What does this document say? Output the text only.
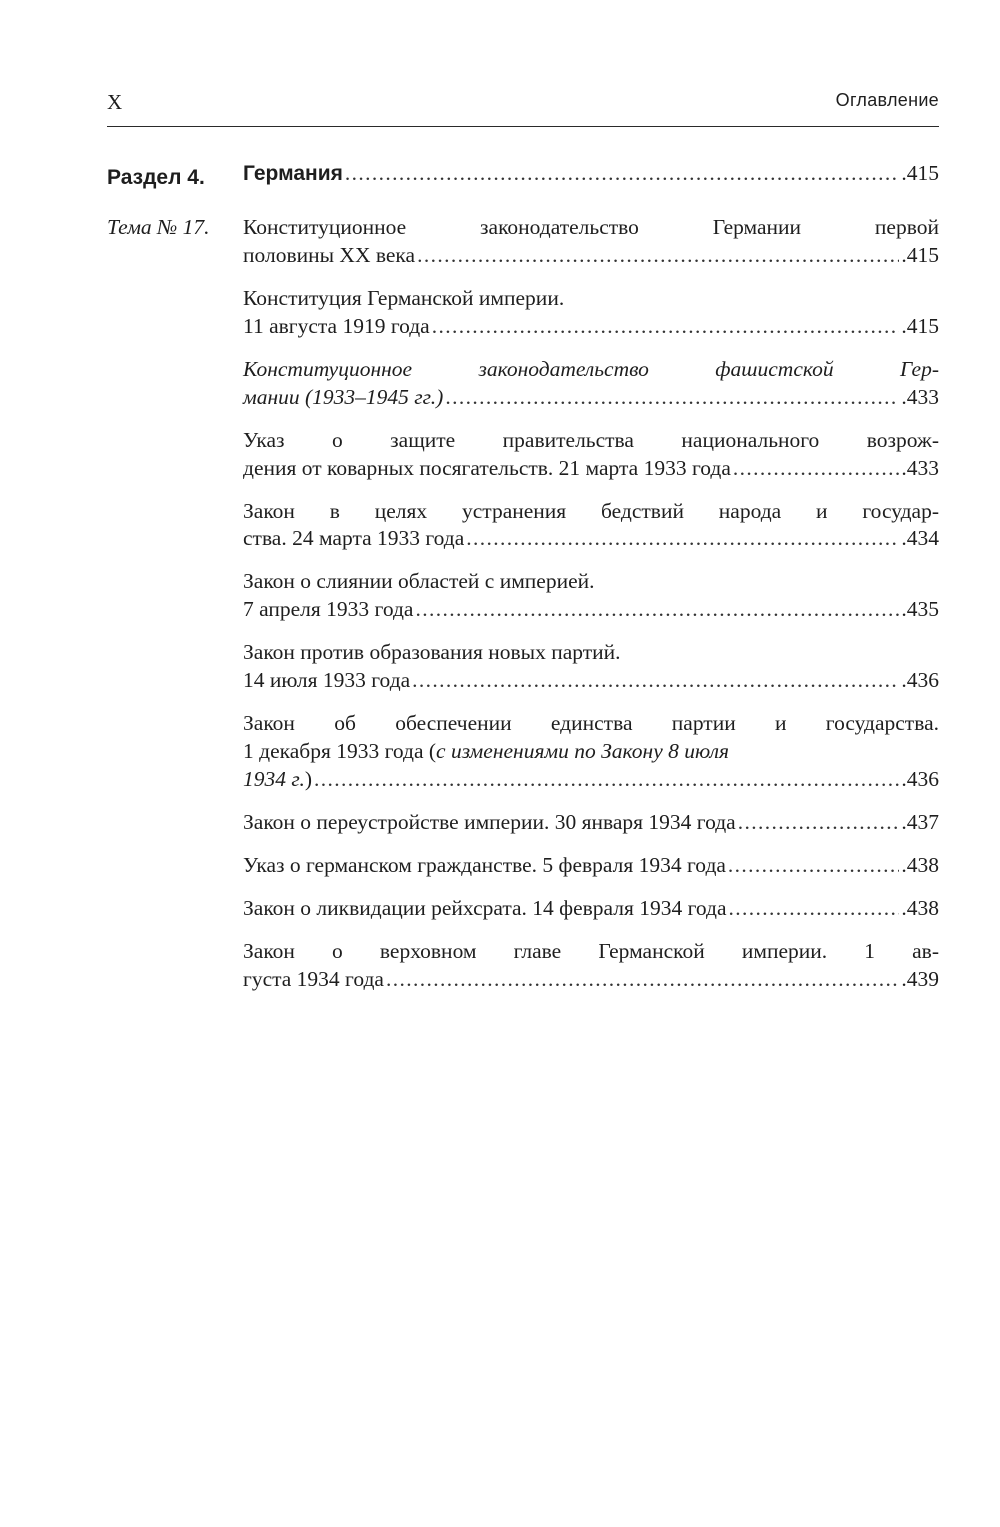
X	Оглавление
Раздел 4. Германия . . .	.415
Тема № 17. Конституционное законодательство Германии первой
половины XX века . . .	.415
Конституция Германской империи.
11 августа 1919 года . . .	.415
Конституционное законодательство фашистской Гер-
мании (1933–1945 гг.) . . .	.433
Указ о защите правительства национального возрож-
дения от коварных посягательств. 21 марта 1933 года . . .	.433
Закон в целях устранения бедствий народа и государ-
ства. 24 марта 1933 года . . .	.434
Закон о слиянии областей с империей.
7 апреля 1933 года . . .	.435
Закон против образования новых партий.
14 июля 1933 года . . .	.436
Закон об обеспечении единства партии и государства.
1 декабря 1933 года (с изменениями по Закону 8 июля
1934 г.) . . .	.436
Закон о переустройстве империи. 30 января 1934 года . . .	.437
Указ о германском гражданстве. 5 февраля 1934 года . . .	.438
Закон о ликвидации рейхсрата. 14 февраля 1934 года . . .	.438
Закон о верховном главе Германской империи. 1 ав-
густа 1934 года . . .	.439
